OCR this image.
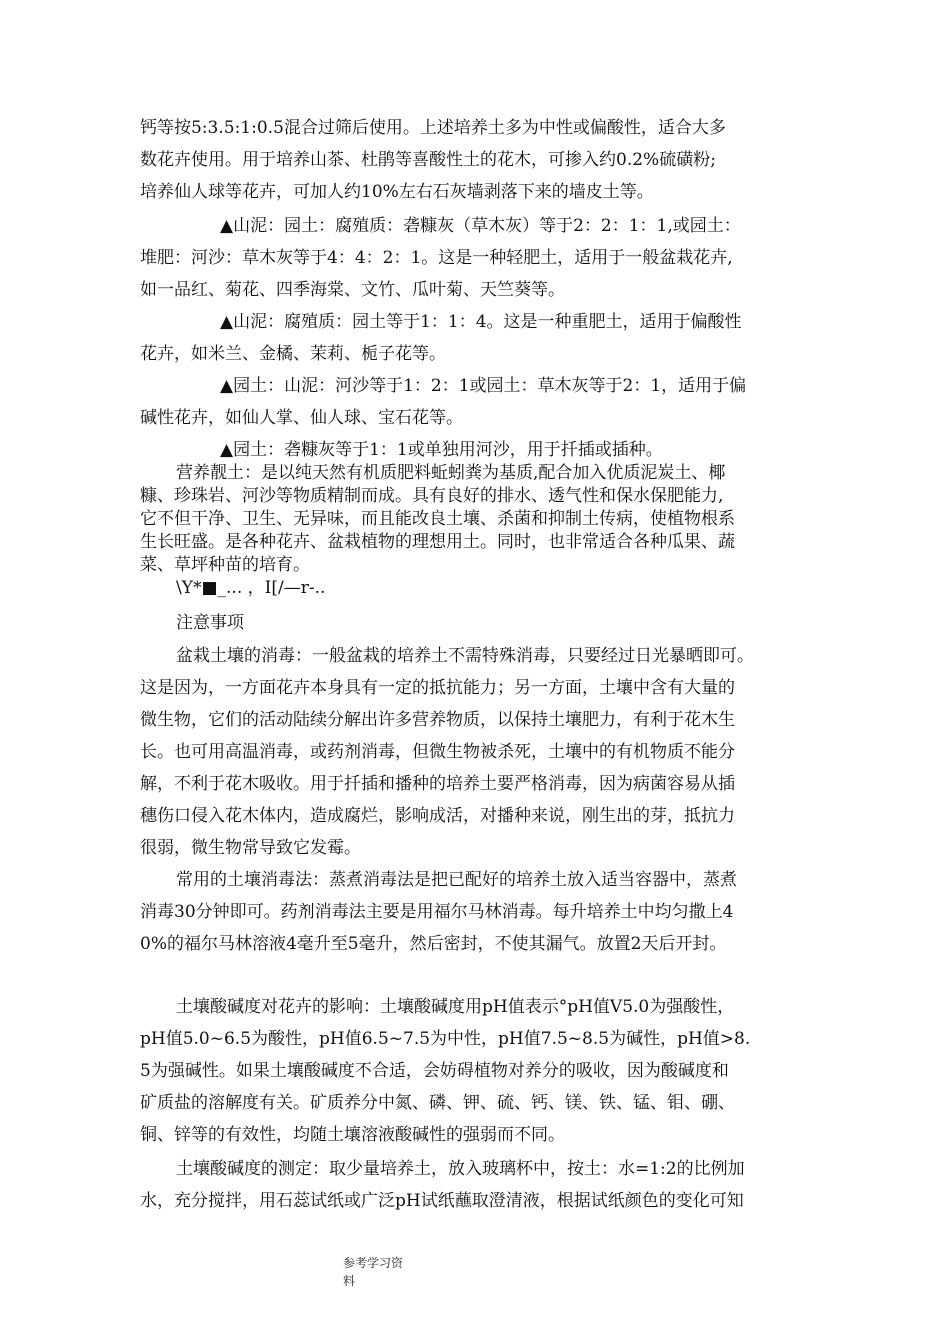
钙等按5:3.5:1:0.5混合过筛后使用。上述培养土多为中性或偏酸性，适合大多
数花卉使用。用于培养山茶、杜鹃等喜酸性土的花木，可掺入约0.2%硫磺粉;
培养仙人球等花卉，可加人约10%左右石灰墙剥落下来的墙皮土等。
▲山泥：园土：腐殖质：砻糠灰（草木灰）等于2：2：1：1,或园土：
堆肥：河沙：草木灰等于4：4：2：1。这是一种轻肥土，适用于一般盆栽花卉,
如一品红、菊花、四季海棠、文竹、瓜叶菊、天竺葵等。
▲山泥：腐殖质：园土等于1：1：4。这是一种重肥土，适用于偏酸性
花卉，如米兰、金橘、茉莉、栀子花等。
▲园土：山泥：河沙等于1：2：1或园土：草木灰等于2：1，适用于偏
碱性花卉，如仙人掌、仙人球、宝石花等。
▲园土：砻糠灰等于1：1或单独用河沙，用于扦插或插种。
营养靓土：是以纯天然有机质肥料蚯蚓粪为基质,配合加入优质泥炭土、椰
糠、珍珠岩、河沙等物质精制而成。具有良好的排水、透气性和保水保肥能力,
它不但干净、卫生、无异味，而且能改良土壤、杀菌和抑制土传病，使植物根系
生长旺盛。是各种花卉、盆栽植物的理想用土。同时，也非常适合各种瓜果、蔬
菜、草坪种苗的培育。
\Y*■_... ，I[/—r-..
注意事项
盆栽土壤的消毒：一般盆栽的培养土不需特殊消毒，只要经过日光暴晒即可。
这是因为，一方面花卉本身具有一定的抵抗能力；另一方面，土壤中含有大量的
微生物，它们的活动陆续分解出许多营养物质，以保持土壤肥力，有利于花木生
长。也可用高温消毒，或药剂消毒，但微生物被杀死，土壤中的有机物质不能分
解，不利于花木吸收。用于扦插和播种的培养土要严格消毒，因为病菌容易从插
穗伤口侵入花木体内，造成腐烂，影响成活，对播种来说，刚生出的芽，抵抗力
很弱，微生物常导致它发霉。
常用的土壤消毒法：蒸煮消毒法是把已配好的培养土放入适当容器中，蒸煮
消毒30分钟即可。药剂消毒法主要是用福尔马林消毒。每升培养土中均匀撒上4
0%的福尔马林溶液4毫升至5毫升，然后密封，不使其漏气。放置2天后开封。
土壤酸碱度对花卉的影响：土壤酸碱度用pH值表示°pH值V5.0为强酸性，
pH值5.0~6.5为酸性，pH值6.5~7.5为中性，pH值7.5~8.5为碱性，pH值>8.
5为强碱性。如果土壤酸碱度不合适，会妨碍植物对养分的吸收，因为酸碱度和
矿质盐的溶解度有关。矿质养分中氮、磷、钾、硫、钙、镁、铁、锰、钼、硼、
铜、锌等的有效性，均随土壤溶液酸碱性的强弱而不同。
土壤酸碱度的测定：取少量培养土，放入玻璃杯中，按土：水=1:2的比例加
水，充分搅拌，用石蕊试纸或广泛pH试纸蘸取澄清液，根据试纸颜色的变化可知
参考学习资
料
